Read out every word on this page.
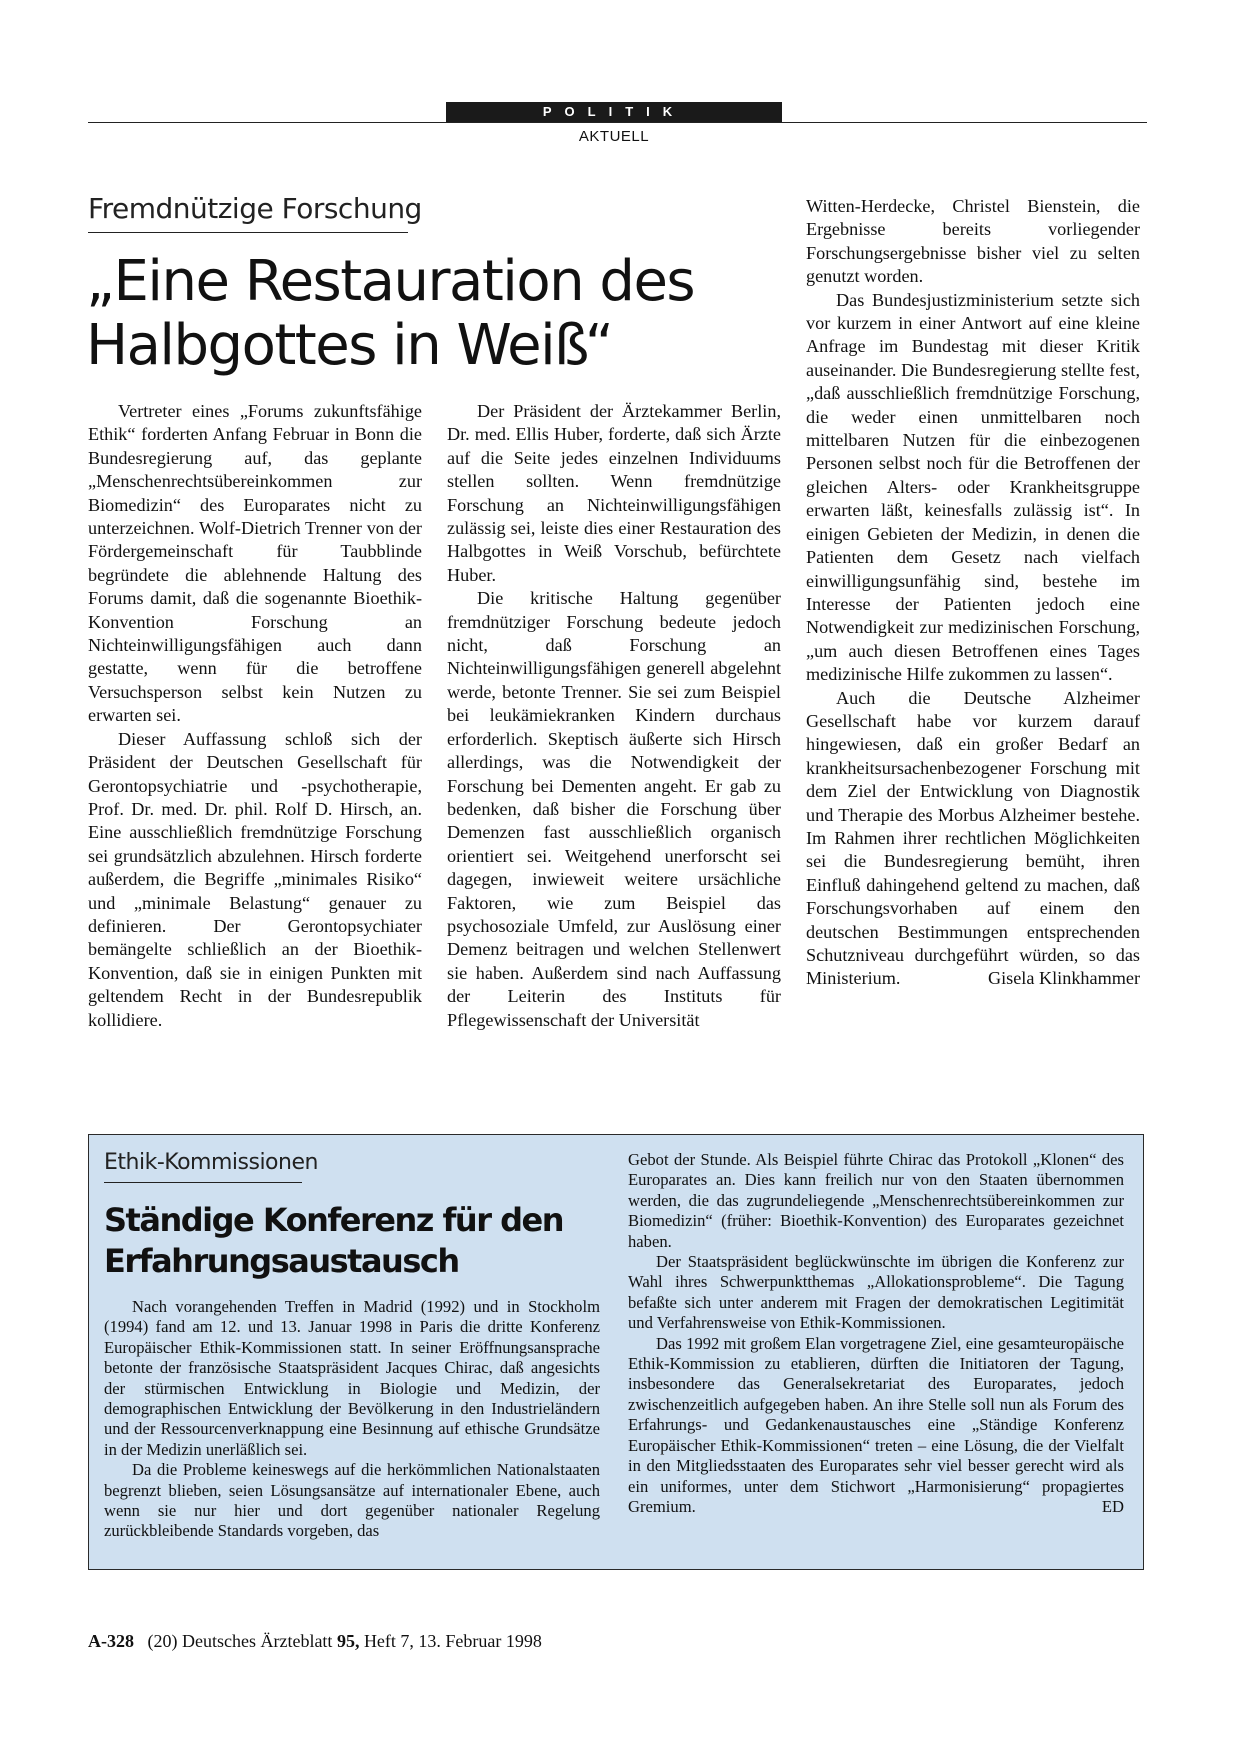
POLITIK
AKTUELL
Fremdnützige Forschung
„Eine Restauration des
Halbgottes in Weiß“

Vertreter eines „Forums zukunftsfähige Ethik“ forderten Anfang Februar in Bonn die Bundesregierung auf, das geplante „Menschenrechtsübereinkommen zur Biomedizin“ des Europarates nicht zu unterzeichnen. Wolf-Dietrich Trenner von der Fördergemeinschaft für Taubblinde begründete die ablehnende Haltung des Forums damit, daß die sogenannte Bioethik-Konvention Forschung an Nichteinwilligungsfähigen auch dann gestatte, wenn für die betroffene Versuchsperson selbst kein Nutzen zu erwarten sei.

Dieser Auffassung schloß sich der Präsident der Deutschen Gesellschaft für Gerontopsychiatrie und -psychotherapie, Prof. Dr. med. Dr. phil. Rolf D. Hirsch, an. Eine ausschließlich fremdnützige Forschung sei grundsätzlich abzulehnen. Hirsch forderte außerdem, die Begriffe „minimales Risiko“ und „minimale Belastung“ genauer zu definieren. Der Gerontopsychiater bemängelte schließlich an der Bioethik-Konvention, daß sie in einigen Punkten mit geltendem Recht in der Bundesrepublik kollidiere.

Der Präsident der Ärztekammer Berlin, Dr. med. Ellis Huber, forderte, daß sich Ärzte auf die Seite jedes einzelnen Individuums stellen sollten. Wenn fremdnützige Forschung an Nichteinwilligungsfähigen zulässig sei, leiste dies einer Restauration des Halbgottes in Weiß Vorschub, befürchtete Huber.

Die kritische Haltung gegenüber fremdnütziger Forschung bedeute jedoch nicht, daß Forschung an Nichteinwilligungsfähigen generell abgelehnt werde, betonte Trenner. Sie sei zum Beispiel bei leukämiekranken Kindern durchaus erforderlich. Skeptisch äußerte sich Hirsch allerdings, was die Notwendigkeit der Forschung bei Dementen angeht. Er gab zu bedenken, daß bisher die Forschung über Demenzen fast ausschließlich organisch orientiert sei. Weitgehend unerforscht sei dagegen, inwieweit weitere ursächliche Faktoren, wie zum Beispiel das psychosoziale Umfeld, zur Auslösung einer Demenz beitragen und welchen Stellenwert sie haben. Außerdem sind nach Auffassung der Leiterin des Instituts für Pflegewissenschaft der Universität

Witten-Herdecke, Christel Bienstein, die Ergebnisse bereits vorliegender Forschungsergebnisse bisher viel zu selten genutzt worden.

Das Bundesjustizministerium setzte sich vor kurzem in einer Antwort auf eine kleine Anfrage im Bundestag mit dieser Kritik auseinander. Die Bundesregierung stellte fest, „daß ausschließlich fremdnützige Forschung, die weder einen unmittelbaren noch mittelbaren Nutzen für die einbezogenen Personen selbst noch für die Betroffenen der gleichen Alters- oder Krankheitsgruppe erwarten läßt, keinesfalls zulässig ist“. In einigen Gebieten der Medizin, in denen die Patienten dem Gesetz nach vielfach einwilligungsunfähig sind, bestehe im Interesse der Patienten jedoch eine Notwendigkeit zur medizinischen Forschung, „um auch diesen Betroffenen eines Tages medizinische Hilfe zukommen zu lassen“.

Auch die Deutsche Alzheimer Gesellschaft habe vor kurzem darauf hingewiesen, daß ein großer Bedarf an krankheitsursachenbezogener Forschung mit dem Ziel der Entwicklung von Diagnostik und Therapie des Morbus Alzheimer bestehe. Im Rahmen ihrer rechtlichen Möglichkeiten sei die Bundesregierung bemüht, ihren Einfluß dahingehend geltend zu machen, daß Forschungsvorhaben auf einem den deutschen Bestimmungen entsprechenden Schutzniveau durchgeführt würden, so das Ministerium.	Gisela Klinkhammer

Ethik-Kommissionen
Ständige Konferenz für den
Erfahrungsaustausch

Nach vorangehenden Treffen in Madrid (1992) und in Stockholm (1994) fand am 12. und 13. Januar 1998 in Paris die dritte Konferenz Europäischer Ethik-Kommissionen statt. In seiner Eröffnungsansprache betonte der französische Staatspräsident Jacques Chirac, daß angesichts der stürmischen Entwicklung in Biologie und Medizin, der demographischen Entwicklung der Bevölkerung in den Industrieländern und der Ressourcenverknappung eine Besinnung auf ethische Grundsätze in der Medizin unerläßlich sei.

Da die Probleme keineswegs auf die herkömmlichen Nationalstaaten begrenzt blieben, seien Lösungsansätze auf internationaler Ebene, auch wenn sie nur hier und dort gegenüber nationaler Regelung zurückbleibende Standards vorgeben, das

Gebot der Stunde. Als Beispiel führte Chirac das Protokoll „Klonen“ des Europarates an. Dies kann freilich nur von den Staaten übernommen werden, die das zugrundeliegende „Menschenrechtsübereinkommen zur Biomedizin“ (früher: Bioethik-Konvention) des Europarates gezeichnet haben.

Der Staatspräsident beglückwünschte im übrigen die Konferenz zur Wahl ihres Schwerpunktthemas „Allokationsprobleme“. Die Tagung befaßte sich unter anderem mit Fragen der demokratischen Legitimität und Verfahrensweise von Ethik-Kommissionen.

Das 1992 mit großem Elan vorgetragene Ziel, eine gesamteuropäische Ethik-Kommission zu etablieren, dürften die Initiatoren der Tagung, insbesondere das Generalsekretariat des Europarates, jedoch zwischenzeitlich aufgegeben haben. An ihre Stelle soll nun als Forum des Erfahrungs- und Gedankenaustausches eine „Ständige Konferenz Europäischer Ethik-Kommissionen“ treten – eine Lösung, die der Vielfalt in den Mitgliedsstaaten des Europarates sehr viel besser gerecht wird als ein uniformes, unter dem Stichwort „Harmonisierung“ propagiertes Gremium.	ED

A-328 (20) Deutsches Ärzteblatt 95, Heft 7, 13. Februar 1998
